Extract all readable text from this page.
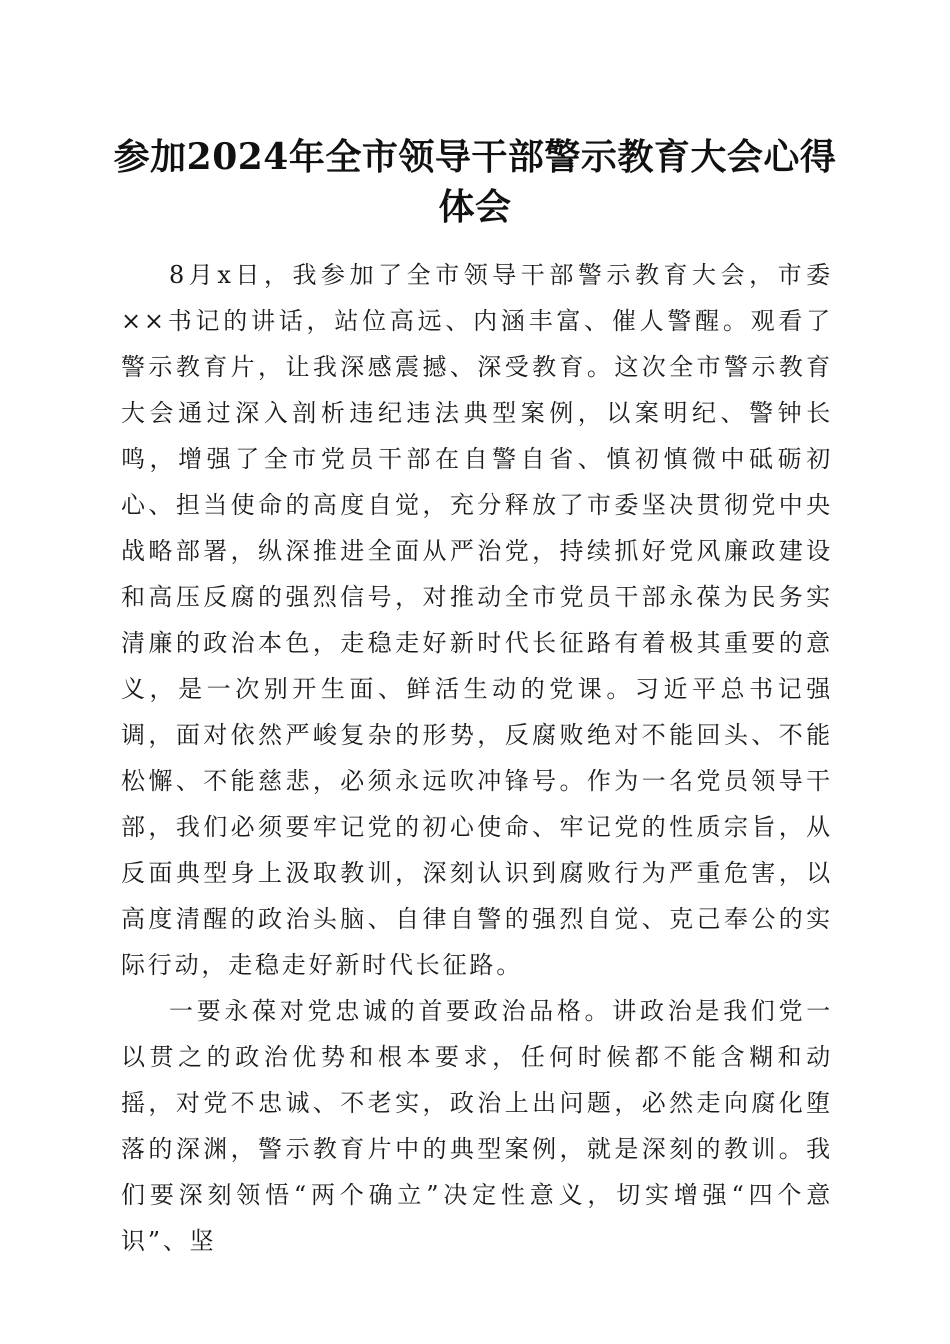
参加2024年全市领导干部警示教育大会心得体会

8月x日，我参加了全市领导干部警示教育大会，市委××书记的讲话，站位高远、内涵丰富、催人警醒。观看了警示教育片，让我深感震撼、深受教育。这次全市警示教育大会通过深入剖析违纪违法典型案例，以案明纪、警钟长鸣，增强了全市党员干部在自警自省、慎初慎微中砥砺初心、担当使命的高度自觉，充分释放了市委坚决贯彻党中央战略部署，纵深推进全面从严治党，持续抓好党风廉政建设和高压反腐的强烈信号，对推动全市党员干部永葆为民务实清廉的政治本色，走稳走好新时代长征路有着极其重要的意义，是一次别开生面、鲜活生动的党课。习近平总书记强调，面对依然严峻复杂的形势，反腐败绝对不能回头、不能松懈、不能慈悲，必须永远吹冲锋号。作为一名党员领导干部，我们必须要牢记党的初心使命、牢记党的性质宗旨，从反面典型身上汲取教训，深刻认识到腐败行为严重危害，以高度清醒的政治头脑、自律自警的强烈自觉、克己奉公的实际行动，走稳走好新时代长征路。

一要永葆对党忠诚的首要政治品格。讲政治是我们党一以贯之的政治优势和根本要求，任何时候都不能含糊和动摇，对党不忠诚、不老实，政治上出问题，必然走向腐化堕落的深渊，警示教育片中的典型案例，就是深刻的教训。我们要深刻领悟“两个确立”决定性意义，切实增强“四个意识”、坚
